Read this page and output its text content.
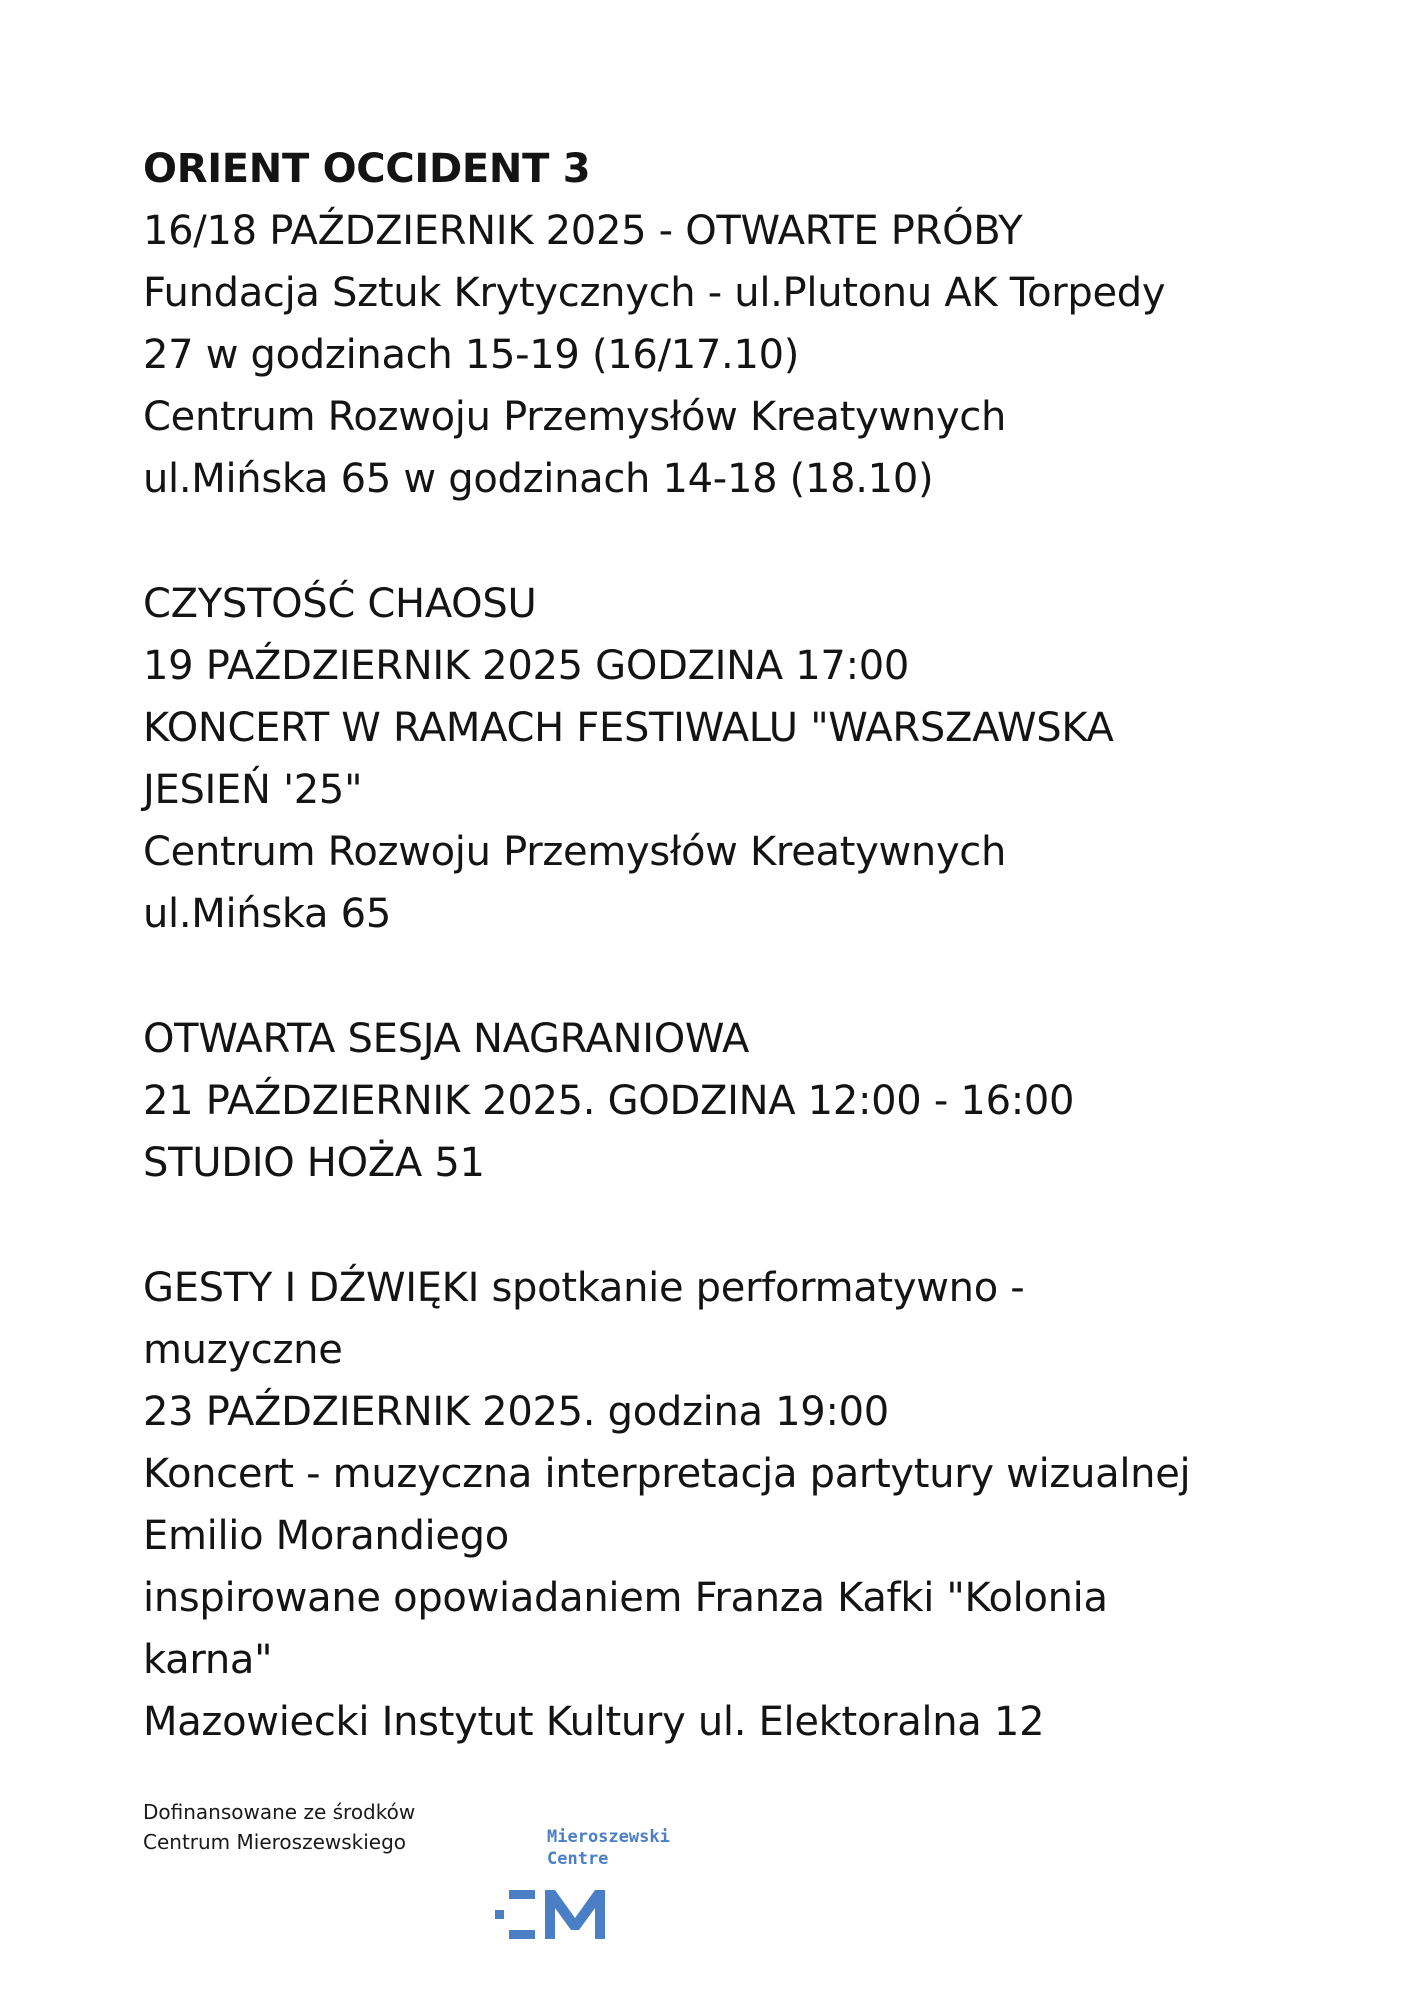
ORIENT OCCIDENT 3
16/18 PAŹDZIERNIK 2025 - OTWARTE PRÓBY
Fundacja Sztuk Krytycznych - ul.Plutonu AK Torpedy
27 w godzinach 15-19 (16/17.10)
Centrum Rozwoju Przemysłów Kreatywnych
ul.Mińska 65 w godzinach 14-18 (18.10)
CZYSTOŚĆ CHAOSU
19 PAŹDZIERNIK 2025 GODZINA 17:00
KONCERT W RAMACH FESTIWALU "WARSZAWSKA
JESIEŃ '25"
Centrum Rozwoju Przemysłów Kreatywnych
ul.Mińska 65
OTWARTA SESJA NAGRANIOWA
21 PAŹDZIERNIK 2025. GODZINA 12:00 - 16:00
STUDIO HOŻA 51
GESTY I DŹWIĘKI spotkanie performatywno -
muzyczne
23 PAŹDZIERNIK 2025. godzina 19:00
Koncert - muzyczna interpretacja partytury wizualnej
Emilio Morandiego
inspirowane opowiadaniem Franza Kafki "Kolonia
karna"
Mazowiecki Instytut Kultury ul. Elektoralna 12
Dofinansowane ze środków
Centrum Mieroszewskiego	Mieroszewski
Centre
